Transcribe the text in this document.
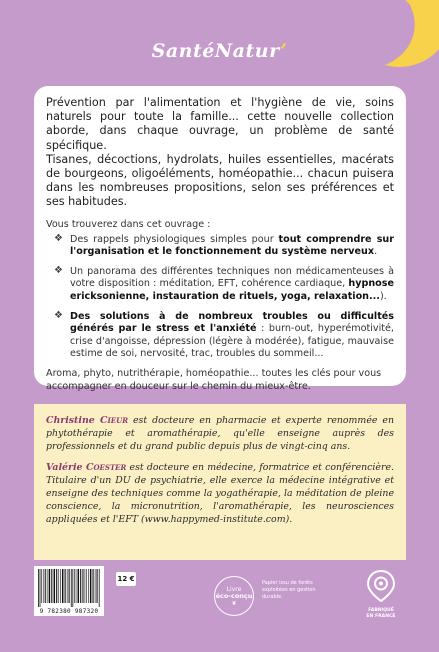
SantéNatur’

Prévention par l'alimentation et l'hygiène de vie, soins naturels pour toute la famille... cette nouvelle collection aborde, dans chaque ouvrage, un problème de santé spécifique.

Tisanes, décoctions, hydrolats, huiles essentielles, macérats de bourgeons, oligoéléments, homéopathie... chacun puisera dans les nombreuses propositions, selon ses préférences et ses habitudes.

Vous trouverez dans cet ouvrage :

❖ Des rappels physiologiques simples pour tout comprendre sur l'organisation et le fonctionnement du système nerveux.
❖ Un panorama des différentes techniques non médicamenteuses à votre disposition : méditation, EFT, cohérence cardiaque, hypnose ericksonienne, instauration de rituels, yoga, relaxation...).
❖ Des solutions à de nombreux troubles ou difficultés générés par le stress et l'anxiété : burn-out, hyperémotivité, crise d'angoisse, dépression (légère à modérée), fatigue, mauvaise estime de soi, nervosité, trac, troubles du sommeil...

Aroma, phyto, nutrithérapie, homéopathie... toutes les clés pour vous accompagner en douceur sur le chemin du mieux-être.

Christine Cieur est docteure en pharmacie et experte renommée en phytothérapie et aromathérapie, qu'elle enseigne auprès des professionnels et du grand public depuis plus de vingt-cinq ans.

Valérie Coester est docteure en médecine, formatrice et conférencière. Titulaire d'un DU de psychiatrie, elle exerce la médecine intégrative et enseigne des techniques comme la yogathérapie, la méditation de pleine conscience, la micronutrition, l'aromathérapie, les neurosciences appliquées et l'EFT (www.happymed-institute.com).

9 782380 987320
12 €
Livre
éco-conçu
❦
Papier issu de forêts exploitées en gestion durable.
FABRIQUÉ
EN FRANCE
